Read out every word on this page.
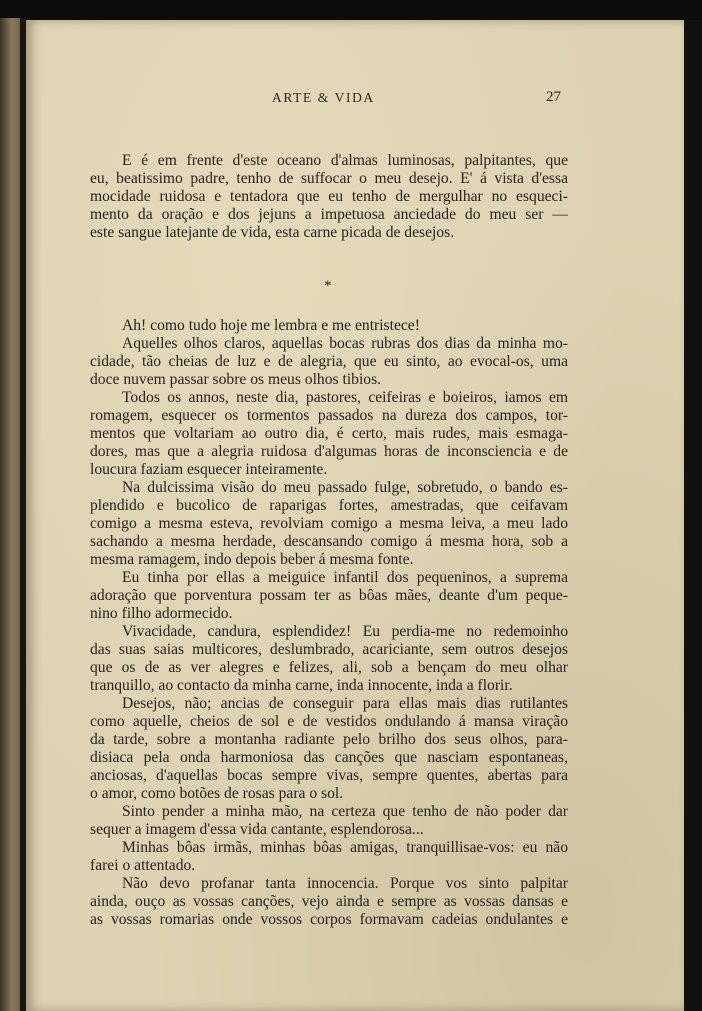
ARTE & VIDA	27
E é em frente d'este oceano d'almas luminosas, palpitantes, que
eu, beatissimo padre, tenho de suffocar o meu desejo. E' á vista d'essa
mocidade ruidosa e tentadora que eu tenho de mergulhar no esqueci-
mento da oração e dos jejuns a impetuosa anciedade do meu ser —
este sangue latejante de vida, esta carne picada de desejos.
*
Ah! como tudo hoje me lembra e me entristece!
Aquelles olhos claros, aquellas bocas rubras dos dias da minha mo-
cidade, tão cheias de luz e de alegria, que eu sinto, ao evocal-os, uma
doce nuvem passar sobre os meus olhos tibios.
Todos os annos, neste dia, pastores, ceifeiras e boieiros, iamos em
romagem, esquecer os tormentos passados na dureza dos campos, tor-
mentos que voltariam ao outro dia, é certo, mais rudes, mais esmaga-
dores, mas que a alegria ruidosa d'algumas horas de inconsciencia e de
loucura faziam esquecer inteiramente.
Na dulcissima visão do meu passado fulge, sobretudo, o bando es-
plendido e bucolico de raparigas fortes, amestradas, que ceifavam
comigo a mesma esteva, revolviam comigo a mesma leiva, a meu lado
sachando a mesma herdade, descansando comigo á mesma hora, sob a
mesma ramagem, indo depois beber á mesma fonte.
Eu tinha por ellas a meiguice infantil dos pequeninos, a suprema
adoração que porventura possam ter as bôas mães, deante d'um peque-
nino filho adormecido.
Vivacidade, candura, esplendidez! Eu perdia-me no redemoinho
das suas saias multicores, deslumbrado, acariciante, sem outros desejos
que os de as ver alegres e felizes, ali, sob a bençam do meu olhar
tranquillo, ao contacto da minha carne, inda innocente, inda a florir.
Desejos, não; ancias de conseguir para ellas mais dias rutilantes
como aquelle, cheios de sol e de vestidos ondulando á mansa viração
da tarde, sobre a montanha radiante pelo brilho dos seus olhos, para-
disiaca pela onda harmoniosa das canções que nasciam espontaneas,
anciosas, d'aquellas bocas sempre vivas, sempre quentes, abertas para
o amor, como botões de rosas para o sol.
Sinto pender a minha mão, na certeza que tenho de não poder dar
sequer a imagem d'essa vida cantante, esplendorosa...
Minhas bôas irmãs, minhas bôas amigas, tranquillisae-vos: eu não
farei o attentado.
Não devo profanar tanta innocencia. Porque vos sinto palpitar
ainda, ouço as vossas canções, vejo ainda e sempre as vossas dansas e
as vossas romarias onde vossos corpos formavam cadeias ondulantes e
